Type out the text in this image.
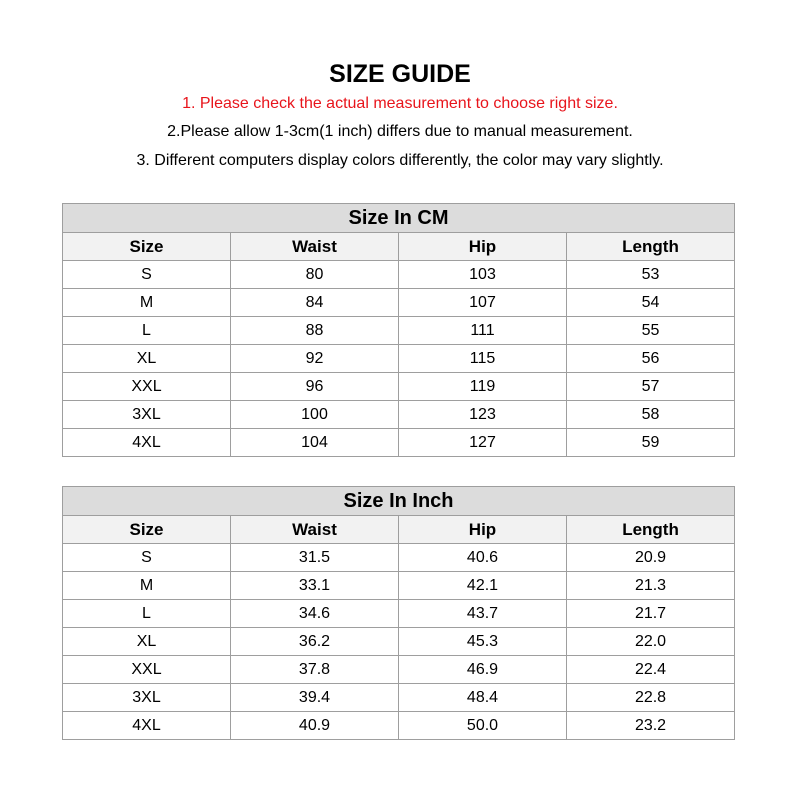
SIZE GUIDE
1. Please check the actual measurement to choose right size.
2.Please allow 1-3cm(1 inch) differs due to manual measurement.
3. Different computers display colors differently, the color may vary slightly.
Size In CM			
Size	Waist	Hip	Length
S	80	103	53
M	84	107	54
L	88	111	55
XL	92	115	56
XXL	96	119	57
3XL	100	123	58
4XL	104	127	59
Size In Inch			
Size	Waist	Hip	Length
S	31.5	40.6	20.9
M	33.1	42.1	21.3
L	34.6	43.7	21.7
XL	36.2	45.3	22.0
XXL	37.8	46.9	22.4
3XL	39.4	48.4	22.8
4XL	40.9	50.0	23.2
